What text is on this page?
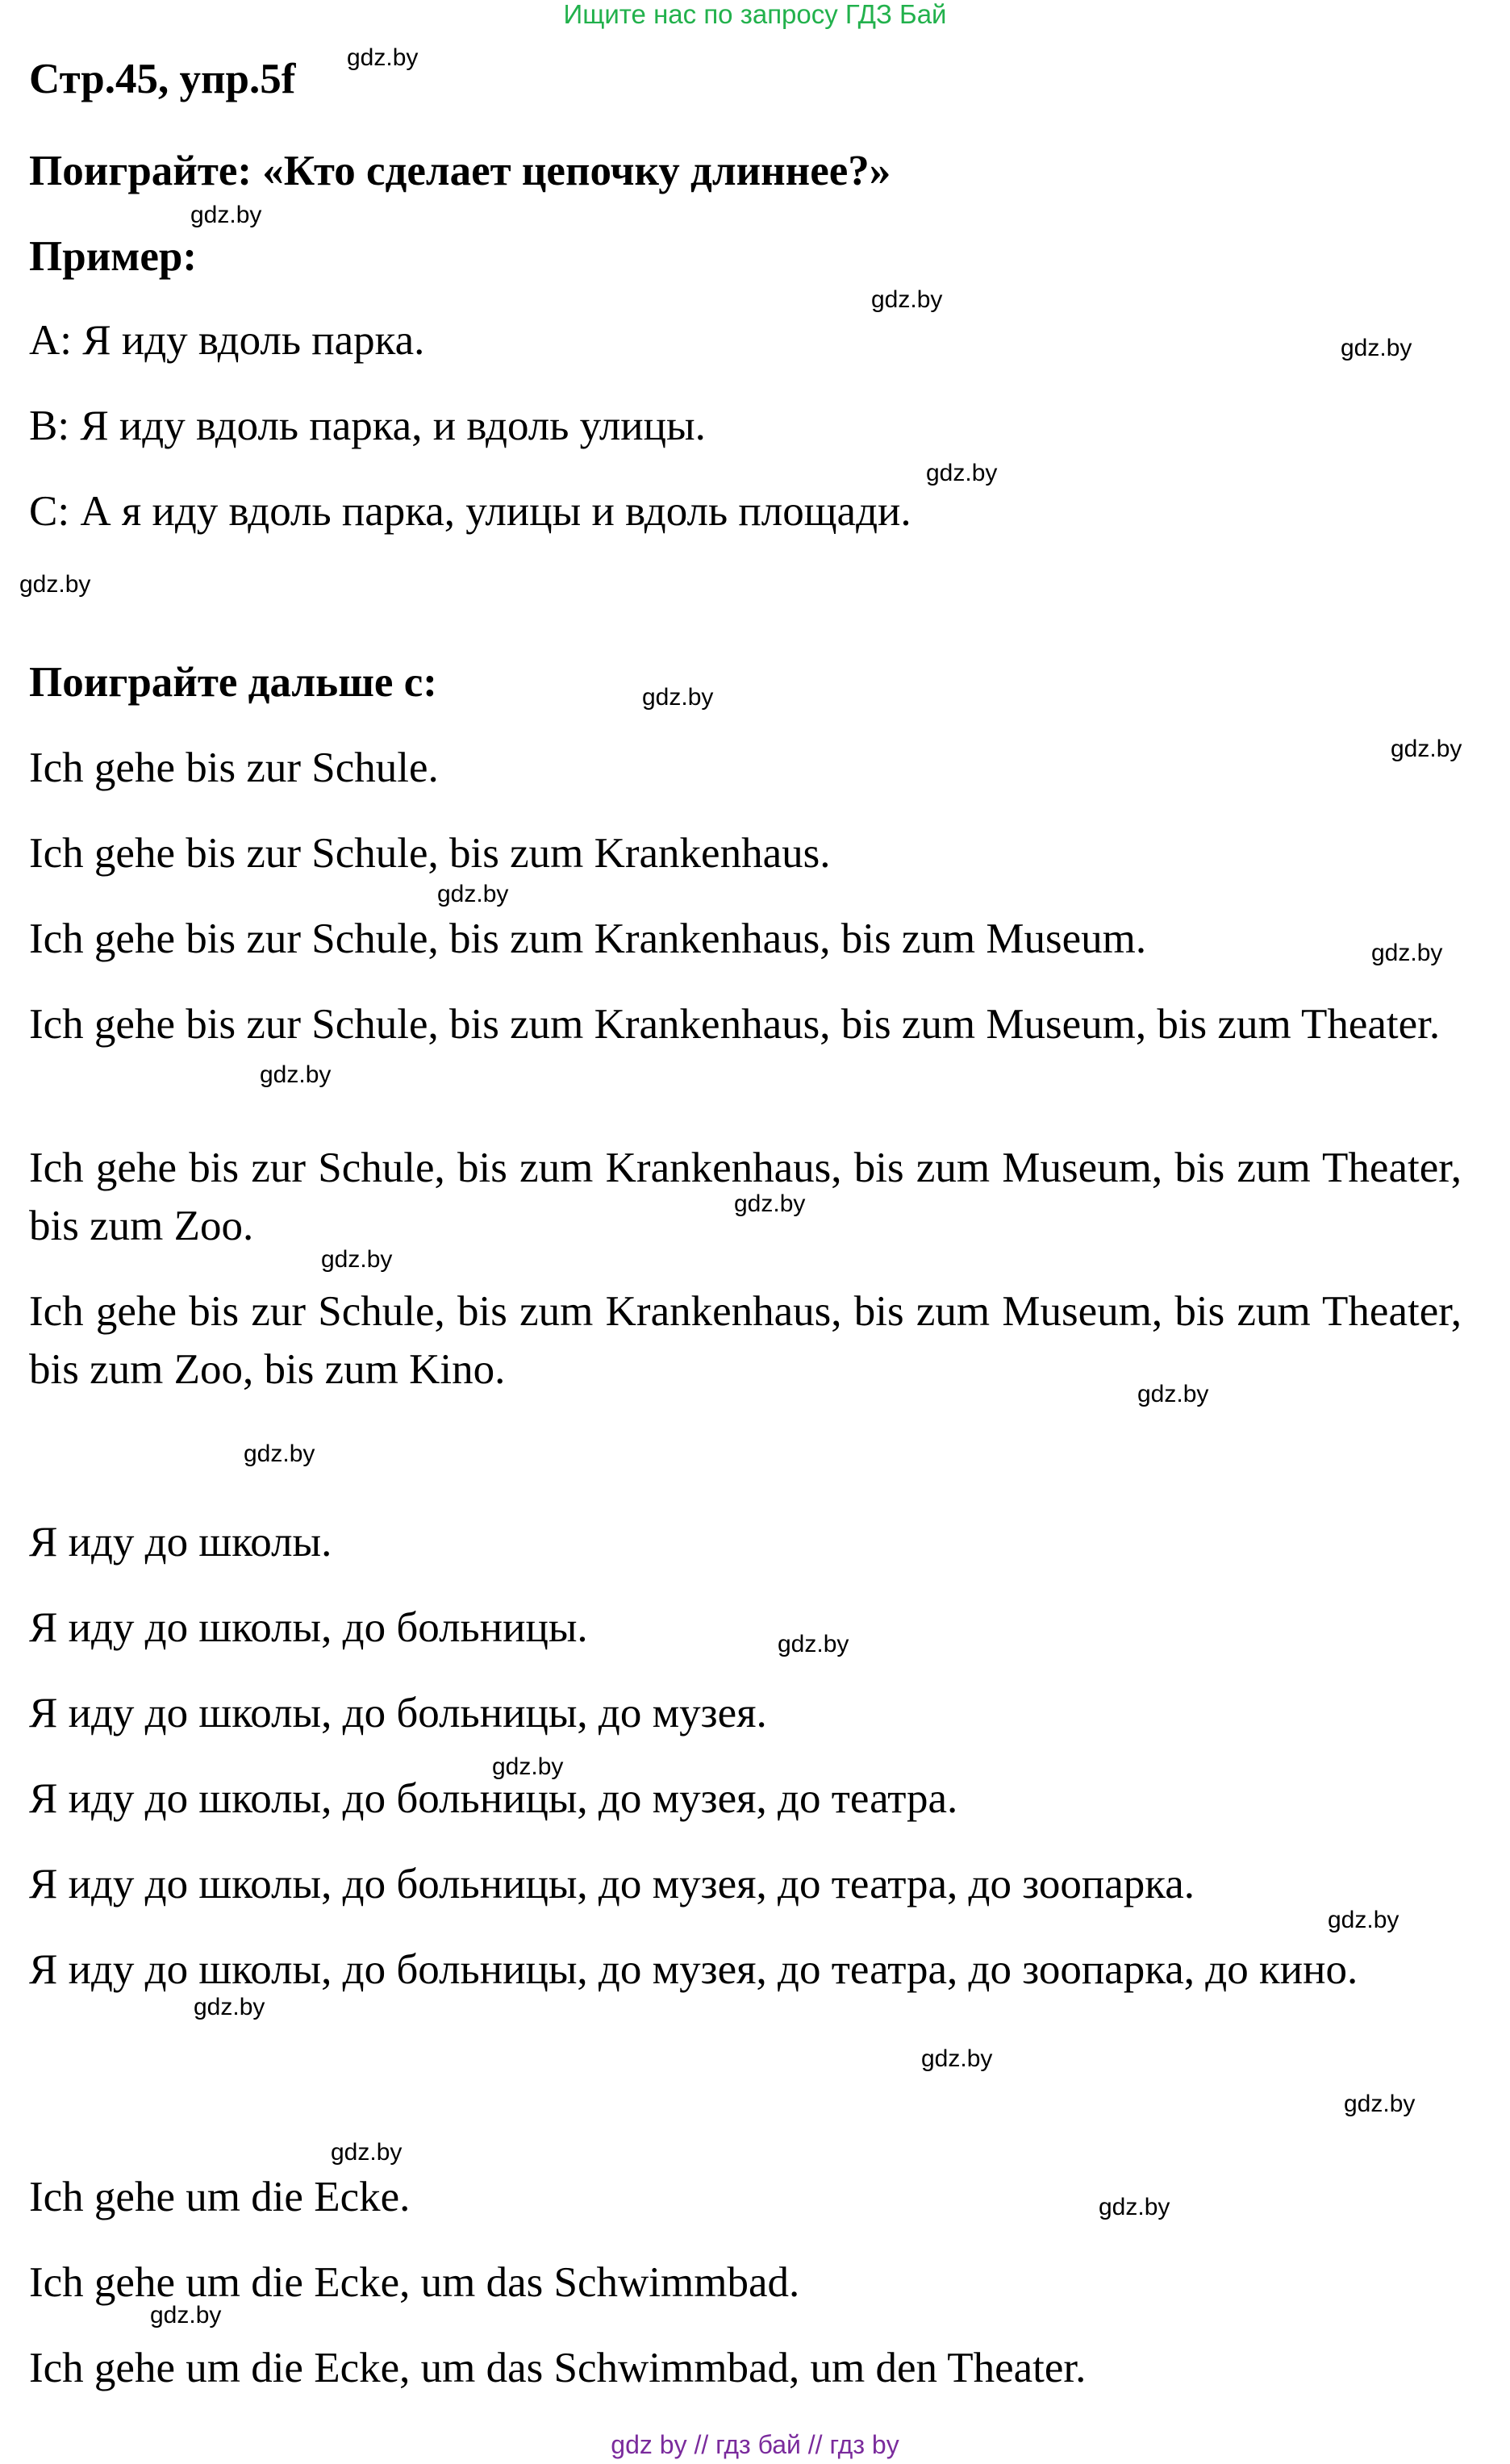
Ищите нас по запросу ГДЗ Бай
Стр.45, упр.5f
Поиграйте: «Кто сделает цепочку длиннее?»
Пример:
А: Я иду вдоль парка.
В: Я иду вдоль парка, и вдоль улицы.
С: А я иду вдоль парка, улицы и вдоль площади.
Поиграйте дальше с:
Ich gehe bis zur Schule.
Ich gehe bis zur Schule, bis zum Krankenhaus.
Ich gehe bis zur Schule, bis zum Krankenhaus, bis zum Museum.
Ich gehe bis zur Schule, bis zum Krankenhaus, bis zum Museum, bis zum Theater.
Ich gehe bis zur Schule, bis zum Krankenhaus, bis zum Museum, bis zum Theater, bis zum Zoo.
Ich gehe bis zur Schule, bis zum Krankenhaus, bis zum Museum, bis zum Theater, bis zum Zoo, bis zum Kino.
Я иду до школы.
Я иду до школы, до больницы.
Я иду до школы, до больницы, до музея.
Я иду до школы, до больницы, до музея, до театра.
Я иду до школы, до больницы, до музея, до театра, до зоопарка.
Я иду до школы, до больницы, до музея, до театра, до зоопарка, до кино.
Ich gehe um die Ecke.
Ich gehe um die Ecke, um das Schwimmbad.
Ich gehe um die Ecke, um das Schwimmbad, um den Theater.
gdz.by
gdz.by
gdz.by
gdz.by
gdz.by
gdz.by
gdz.by
gdz.by
gdz.by
gdz.by
gdz.by
gdz.by
gdz.by
gdz.by
gdz.by
gdz.by
gdz.by
gdz.by
gdz.by
gdz.by
gdz.by
gdz.by
gdz.by
gdz.by
gdz by // гдз бай // гдз by
